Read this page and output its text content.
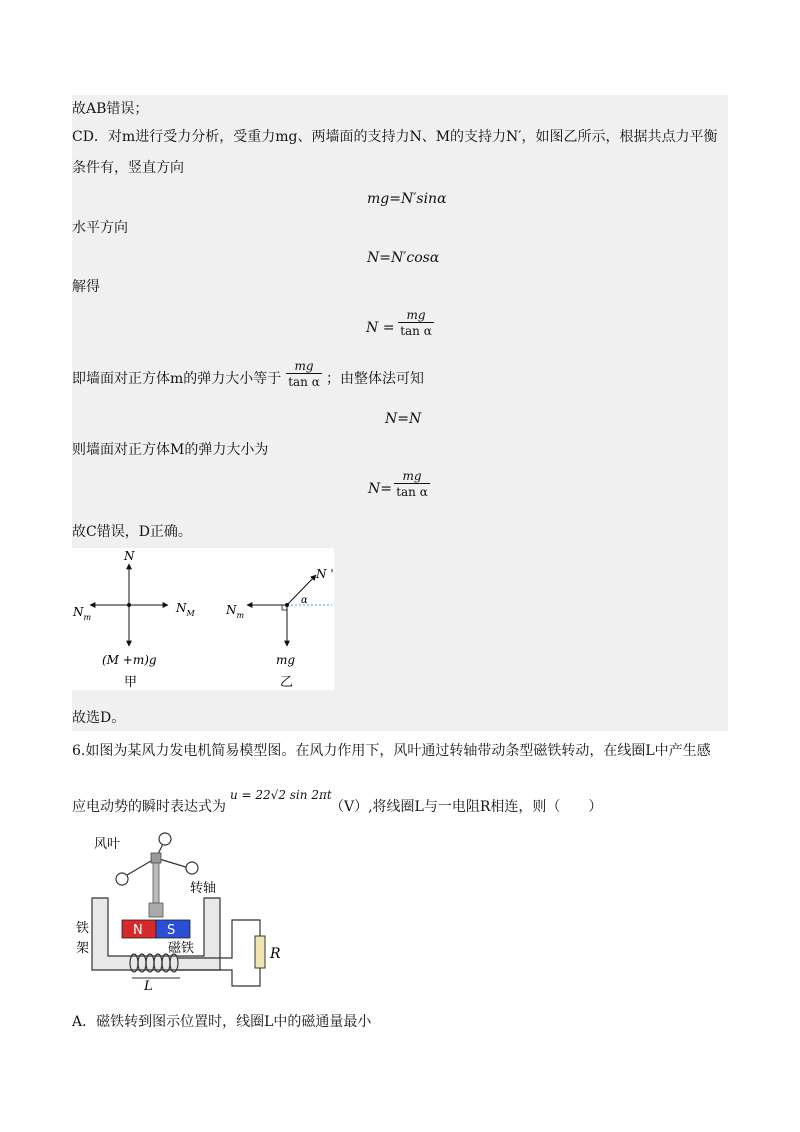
故AB错误；
CD．对m进行受力分析，受重力mg、两墙面的支持力N、M的支持力N′，如图乙所示，根据共点力平衡
条件有，竖直方向
mg=N′sinα
水平方向
N=N′cosα
解得
N =
mg
tan α
即墙面对正方体m的弹力大小等于
mg
tan α ；由整体法可知
N=N
则墙面对正方体M的弹力大小为
N=
mg
tan α
故C错误，D正确。
N
$N_m$
$N_M$
(M +m)g
甲
N '
α
$N_m$
mg
乙
故选D。
6.如图为某风力发电机简易模型图。在风力作用下，风叶通过转轴带动条型磁铁转动，在线圈L中产生感
应电动势的瞬时表达式为
u = 22√2 sin 2πt
（V）,将线圈L与一电阻R相连，则（　　）
风叶
转轴
铁
架
N S
磁铁
L
R
A．磁铁转到图示位置时，线圈L中的磁通量最小
